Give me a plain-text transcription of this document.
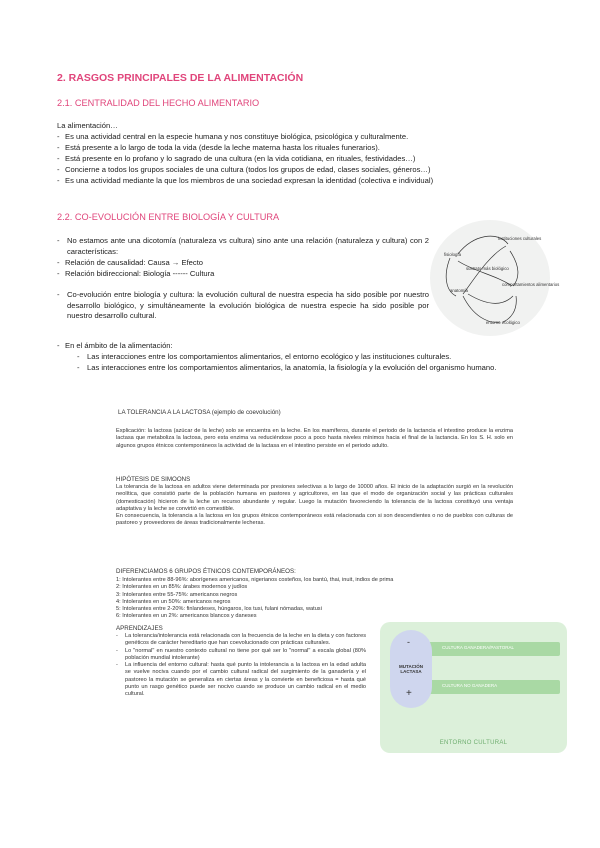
2. RASGOS PRINCIPALES DE LA ALIMENTACIÓN
2.1. CENTRALIDAD DEL HECHO ALIMENTARIO

La alimentación…

- Es una actividad central en la especie humana y nos constituye biológica, psicológica y culturalmente.
- Está presente a lo largo de toda la vida (desde la leche materna hasta los rituales funerarios).
- Está presente en lo profano y lo sagrado de una cultura (en la vida cotidiana, en rituales, festividades…)
- Concierne a todos los grupos sociales de una cultura (todos los grupos de edad, clases sociales, géneros…)
- Es una actividad mediante la que los miembros de una sociedad expresan la identidad (colectiva e individual)
2.2. CO-EVOLUCIÓN ENTRE BIOLOGÍA Y CULTURA
- No estamos ante una dicotomía (naturaleza vs cultura) sino ante una relación (naturaleza y cultura) con 2 características:
- Relación de causalidad: Causa → Efecto
- Relación bidireccional: Biología ------ Cultura
- Co-evolución entre biología y cultura: la evolución cultural de nuestra especia ha sido posible por nuestro desarrollo biológico, y simultáneamente la evolución biológica de nuestra especie ha sido posible por nuestro desarrollo cultural.
instituciones culturales
fisiología
sustrato más biológico
anatomía
comportamientos alimentarios
entorno ecológico

- En el ámbito de la alimentación:

- Las interacciones entre los comportamientos alimentarios, el entorno ecológico y las instituciones culturales.
- Las interacciones entre los comportamientos alimentarios, la anatomía, la fisiología y la evolución del organismo humano.
LA TOLERANCIA A LA LACTOSA (ejemplo de coevolución)

Explicación: la lactosa (azúcar de la leche) solo se encuentra en la leche. En los mamíferos, durante el periodo de la lactancia el intestino produce la enzima lactasa que metaboliza la lactosa, pero esta enzima va reduciéndose poco a poco hasta niveles mínimos hacia el final de la lactancia. En los S. H. solo en algunos grupos étnicos contemporáneos la actividad de la lactasa en el intestino persiste en el periodo adulto.

HIPÓTESIS DE SIMOONS

La tolerancia de la lactosa en adultos viene determinada por presiones selectivas a lo largo de 10000 años. El inicio de la adaptación surgió en la revolución neolítica, que consistió parte de la población humana en pastores y agricultores, en las que el modo de organización social y las prácticas culturales (domesticación) hicieron de la leche un recurso abundante y regular. Luego la mutación favoreciendo la tolerancia de la lactosa constituyó una ventaja adaptativa y la leche se convirtió en comestible.

En consecuencia, la tolerancia a la lactosa en los grupos étnicos contemporáneos está relacionada con si son descendientes o no de pueblos con culturas de pastoreo y proveedores de áreas tradicionalmente lecheras.

DIFERENCIAMOS 6 GRUPOS ÉTNICOS CONTEMPORÁNEOS:

1: Intolerantes entre 88-96%: aborígenes americanos, nigerianos costeños, los bantú, thai, inuit, indios de prima

2: Intolerantes en un 85%: árabes modernos y judíos

3: Intolerantes entre 55-75%: americanos negros

4: Intolerantes en un 50%: americanos negros

5: Intolerantes entre 2-20%: finlandeses, húngaros, los tusi, fulani nómadas, watusi

6: Intolerantes en un 2%: americanos blancos y daneses

APRENDIZAJES

- La tolerancia/intolerancia está relacionada con la frecuencia de la leche en la dieta y con factores genéticos de carácter hereditario que han coevolucionado con prácticas culturales.

- Lo "normal" en nuestro contexto cultural no tiene por qué ser lo "normal" a escala global (80% población mundial intolerante)

- La influencia del entorno cultural: hasta qué punto la intolerancia a la lactosa en la edad adulta se vuelve nociva cuando por el cambio cultural radical del surgimiento de la ganadería y el pastoreo la mutación se generaliza en ciertas áreas y la convierte en beneficiosa = hasta qué punto un rasgo genético puede ser nocivo cuando se produce un cambio radical en el medio cultural.

CULTURA GANADERA/PASTORAL
CULTURA NO GANADERA
-
MUTACIÓN LACTASA
+
ENTORNO CULTURAL
